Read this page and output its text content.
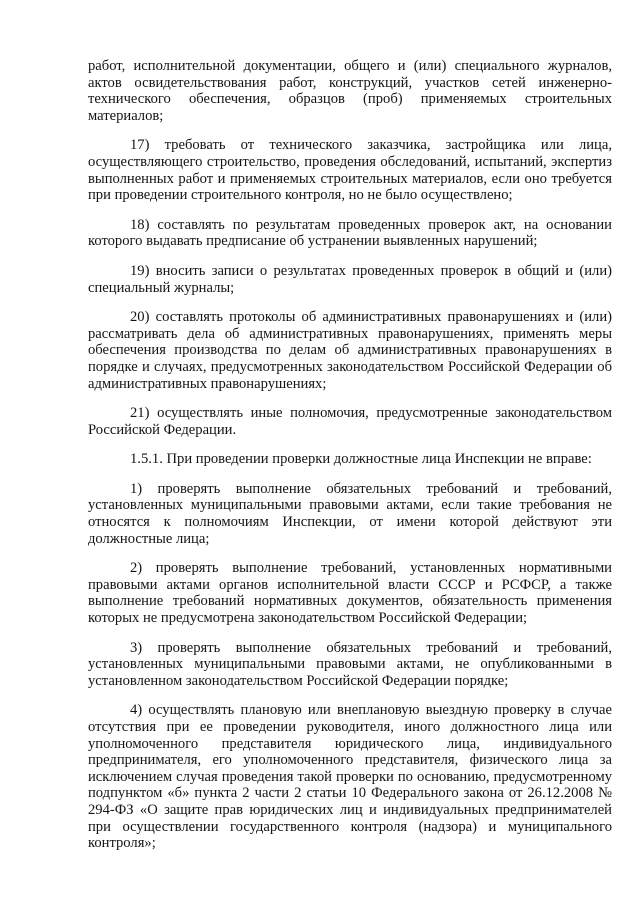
работ, исполнительной документации, общего и (или) специального журналов, актов освидетельствования работ, конструкций, участков сетей инженерно-технического обеспечения, образцов (проб) применяемых строительных материалов;

17) требовать от технического заказчика, застройщика или лица, осуществляющего строительство, проведения обследований, испытаний, экспертиз выполненных работ и применяемых строительных материалов, если оно требуется при проведении строительного контроля, но не было осуществлено;

18) составлять по результатам проведенных проверок акт, на основании которого выдавать предписание об устранении выявленных нарушений;

19) вносить записи о результатах проведенных проверок в общий и (или) специальный журналы;

20) составлять протоколы об административных правонарушениях и (или) рассматривать дела об административных правонарушениях, применять меры обеспечения производства по делам об административных правонарушениях в порядке и случаях, предусмотренных законодательством Российской Федерации об административных правонарушениях;

21) осуществлять иные полномочия, предусмотренные законодательством Российской Федерации.

1.5.1. При проведении проверки должностные лица Инспекции не вправе:

1) проверять выполнение обязательных требований и требований, установленных муниципальными правовыми актами, если такие требования не относятся к полномочиям Инспекции, от имени которой действуют эти должностные лица;

2) проверять выполнение требований, установленных нормативными правовыми актами органов исполнительной власти СССР и РСФСР, а также выполнение требований нормативных документов, обязательность применения которых не предусмотрена законодательством Российской Федерации;

3) проверять выполнение обязательных требований и требований, установленных муниципальными правовыми актами, не опубликованными в установленном законодательством Российской Федерации порядке;

4) осуществлять плановую или внеплановую выездную проверку в случае отсутствия при ее проведении руководителя, иного должностного лица или уполномоченного представителя юридического лица, индивидуального предпринимателя, его уполномоченного представителя, физического лица за исключением случая проведения такой проверки по основанию, предусмотренному подпунктом «б» пункта 2 части 2 статьи 10 Федерального закона от 26.12.2008 № 294-ФЗ «О защите прав юридических лиц и индивидуальных предпринимателей при осуществлении государственного контроля (надзора) и муниципального контроля»;
